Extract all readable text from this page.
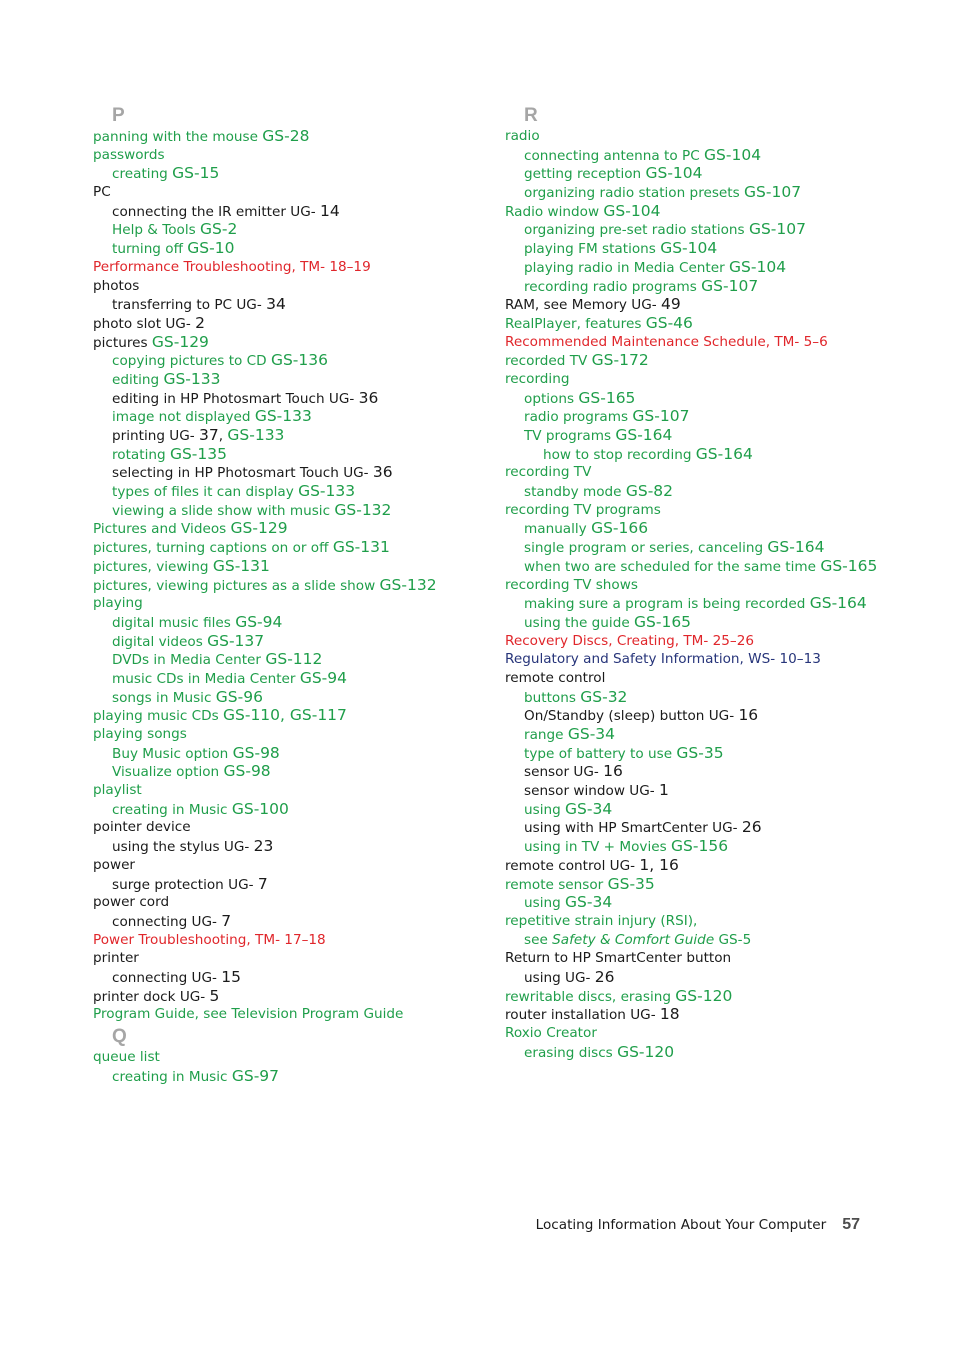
P
panning with the mouse GS-28
passwords
creating GS-15
PC
connecting the IR emitter UG- 14
Help & Tools GS-2
turning off GS-10
Performance Troubleshooting, TM- 18–19
photos
transferring to PC UG- 34
photo slot UG- 2
pictures GS-129
copying pictures to CD GS-136
editing GS-133
editing in HP Photosmart Touch UG- 36
image not displayed GS-133
printing UG- 37, GS-133
rotating GS-135
selecting in HP Photosmart Touch UG- 36
types of files it can display GS-133
viewing a slide show with music GS-132
Pictures and Videos GS-129
pictures, turning captions on or off GS-131
pictures, viewing GS-131
pictures, viewing pictures as a slide show GS-132
playing
digital music files GS-94
digital videos GS-137
DVDs in Media Center GS-112
music CDs in Media Center GS-94
songs in Music GS-96
playing music CDs GS-110, GS-117
playing songs
Buy Music option GS-98
Visualize option GS-98
playlist
creating in Music GS-100
pointer device
using the stylus UG- 23
power
surge protection UG- 7
power cord
connecting UG- 7
Power Troubleshooting, TM- 17–18
printer
connecting UG- 15
printer dock UG- 5
Program Guide, see Television Program Guide
Q
queue list
creating in Music GS-97
R
radio
connecting antenna to PC GS-104
getting reception GS-104
organizing radio station presets GS-107
Radio window GS-104
organizing pre-set radio stations GS-107
playing FM stations GS-104
playing radio in Media Center GS-104
recording radio programs GS-107
RAM, see Memory UG- 49
RealPlayer, features GS-46
Recommended Maintenance Schedule, TM- 5–6
recorded TV GS-172
recording
options GS-165
radio programs GS-107
TV programs GS-164
how to stop recording GS-164
recording TV
standby mode GS-82
recording TV programs
manually GS-166
single program or series, canceling GS-164
when two are scheduled for the same time GS-165
recording TV shows
making sure a program is being recorded GS-164
using the guide GS-165
Recovery Discs, Creating, TM- 25–26
Regulatory and Safety Information, WS- 10–13
remote control
buttons GS-32
On/Standby (sleep) button UG- 16
range GS-34
type of battery to use GS-35
sensor UG- 16
sensor window UG- 1
using GS-34
using with HP SmartCenter UG- 26
using in TV + Movies GS-156
remote control UG- 1, 16
remote sensor GS-35
using GS-34
repetitive strain injury (RSI),
see Safety & Comfort Guide GS-5
Return to HP SmartCenter button
using UG- 26
rewritable discs, erasing GS-120
router installation UG- 18
Roxio Creator
erasing discs GS-120
Locating Information About Your Computer 57
